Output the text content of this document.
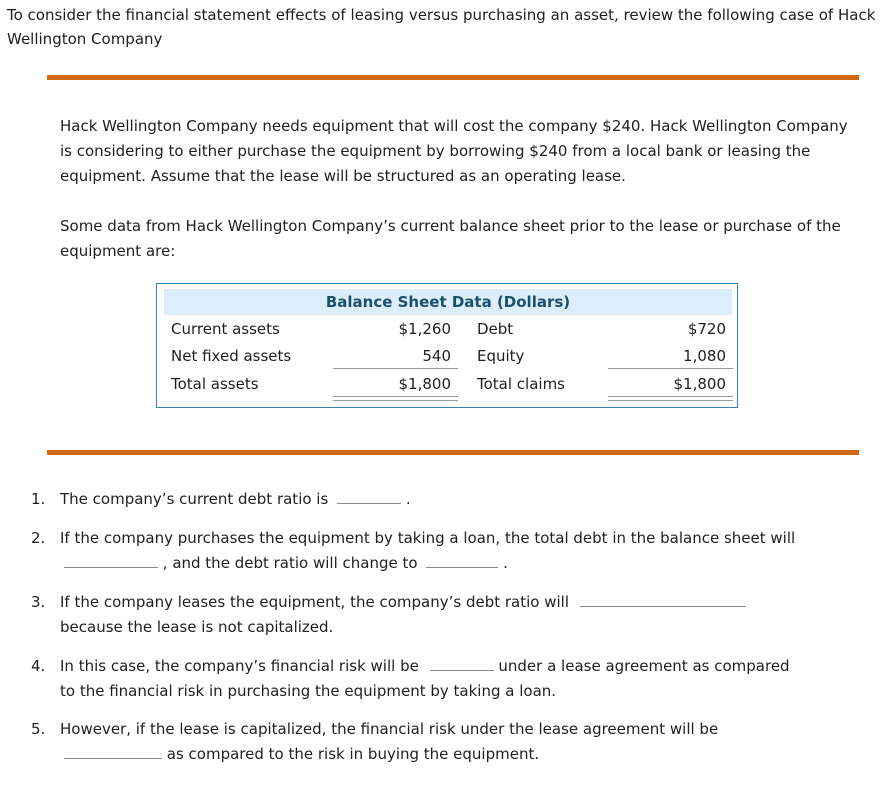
To consider the financial statement effects of leasing versus purchasing an asset, review the following case of Hack Wellington Company

Hack Wellington Company needs equipment that will cost the company $240. Hack Wellington Company is considering to either purchase the equipment by borrowing $240 from a local bank or leasing the equipment. Assume that the lease will be structured as an operating lease.

Some data from Hack Wellington Company’s current balance sheet prior to the lease or purchase of the equipment are:

Balance Sheet Data (Dollars)
Current assets	$1,260 Debt	$720
Net fixed assets	540 Equity	1,080
Total assets	$1,800 Total claims	$1,800
1. The company’s current debt ratio is	.

2. If the company purchases the equipment by taking a loan, the total debt in the balance sheet will
, and the debt ratio will change to	.

3. If the company leases the equipment, the company’s debt ratio will
because the lease is not capitalized.

4. In this case, the company’s financial risk will be	under a lease agreement as compared
to the financial risk in purchasing the equipment by taking a loan.

5. However, if the lease is capitalized, the financial risk under the lease agreement will be
as compared to the risk in buying the equipment.
